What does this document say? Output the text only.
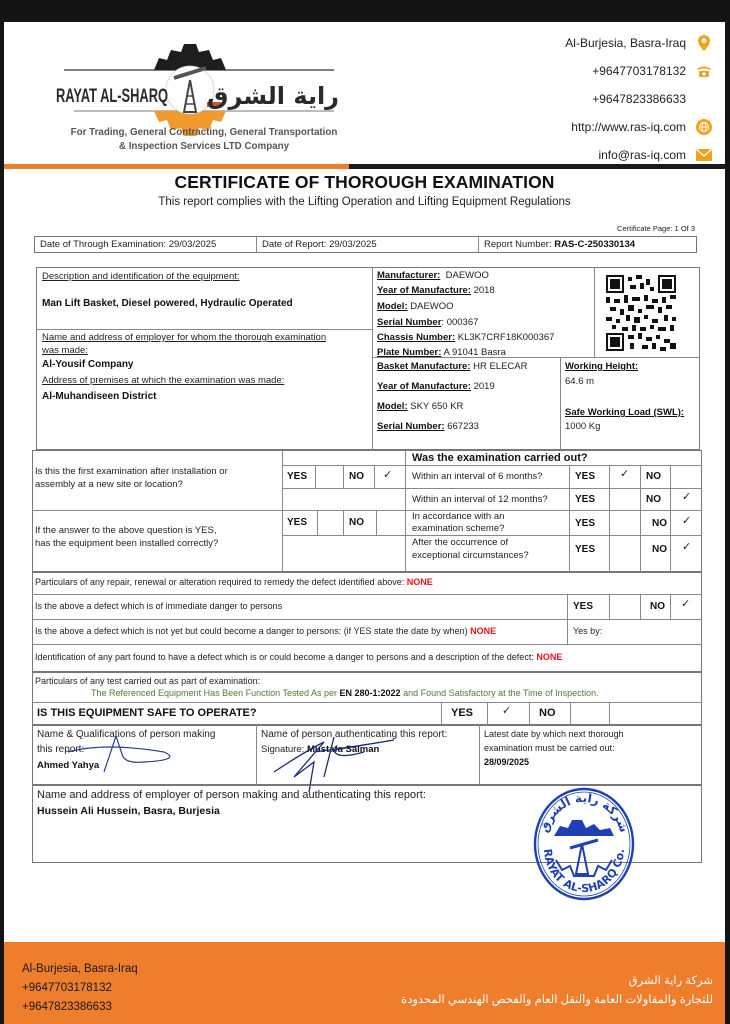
RAYAT AL-SHARQ راية الشرق
For Trading, General Contracting, General Transportation
& Inspection Services LTD Company
Al-Burjesia, Basra-Iraq
+9647703178132
+9647823386633
http://www.ras-iq.com
info@ras-iq.com
CERTIFICATE OF THOROUGH EXAMINATION
This report complies with the Lifting Operation and Lifting Equipment Regulations
Certificate Page: 1 Of 3
Date of Through Examination: 29/03/2025	Date of Report: 29/03/2025	Report Number: RAS-C-250330134
Description and identification of the equipment:
Man Lift Basket, Diesel powered, Hydraulic Operated
Name and address of employer for whom the thorough examination
was made:
Al-Yousif Company
Address of premises at which the examination was made:
Al-Muhandiseen District
Manufacturer: DAEWOO
Year of Manufacture: 2018
Model: DAEWOO
Serial Number: 000367
Chassis Number: KL3K7CRF18K000367
Plate Number: A 91041 Basra
Basket Manufacture: HR ELECAR
Year of Manufacture: 2019
Model: SKY 650 KR
Serial Number: 667233
Working Height:
64.6 m
Safe Working Load (SWL):
1000 Kg
Is this the first examination after installation or
assembly at a new site or location?
YES	NO ✓
If the answer to the above question is YES,
has the equipment been installed correctly?
YES	NO
Was the examination carried out?
Within an interval of 6 months?	YES ✓ NO
Within an interval of 12 months?	YES	NO ✓
In accordance with an
examination scheme?	YES	NO ✓
After the occurrence of
exceptional circumstances?
YES	NO ✓
Particulars of any repair, renewal or alteration required to remedy the defect identified above: NONE
Is the above a defect which is of immediate danger to persons	YES	NO ✓
Is the above a defect which is not yet but could become a danger to persons: (if YES state the date by when) NONE	Yes by:
Identification of any part found to have a defect which is or could become a danger to persons and a description of the defect: NONE
Particulars of any test carried out as part of examination:
The Referenced Equipment Has Been Function Tested As per EN 280-1:2022 and Found Satisfactory at the Time of Inspection.
IS THIS EQUIPMENT SAFE TO OPERATE?	YES	✓	NO
Name & Qualifications of person making
this report:
Ahmed Yahya
Name of person authenticating this report:
Signature: Mustafa Salman
Latest date by which next thorough
examination must be carried out:
28/09/2025
Name and address of employer of person making and authenticating this report:
Hussein Ali Hussein, Basra, Burjesia
شركة راية الشرق
RAYAT AL-SHARQ Co.
Al-Burjesia, Basra-Iraq
+9647703178132
+9647823386633
شركة راية الشرق
للتجارة والمقاولات العامة والنقل العام والفحص الهندسي المحدودة
